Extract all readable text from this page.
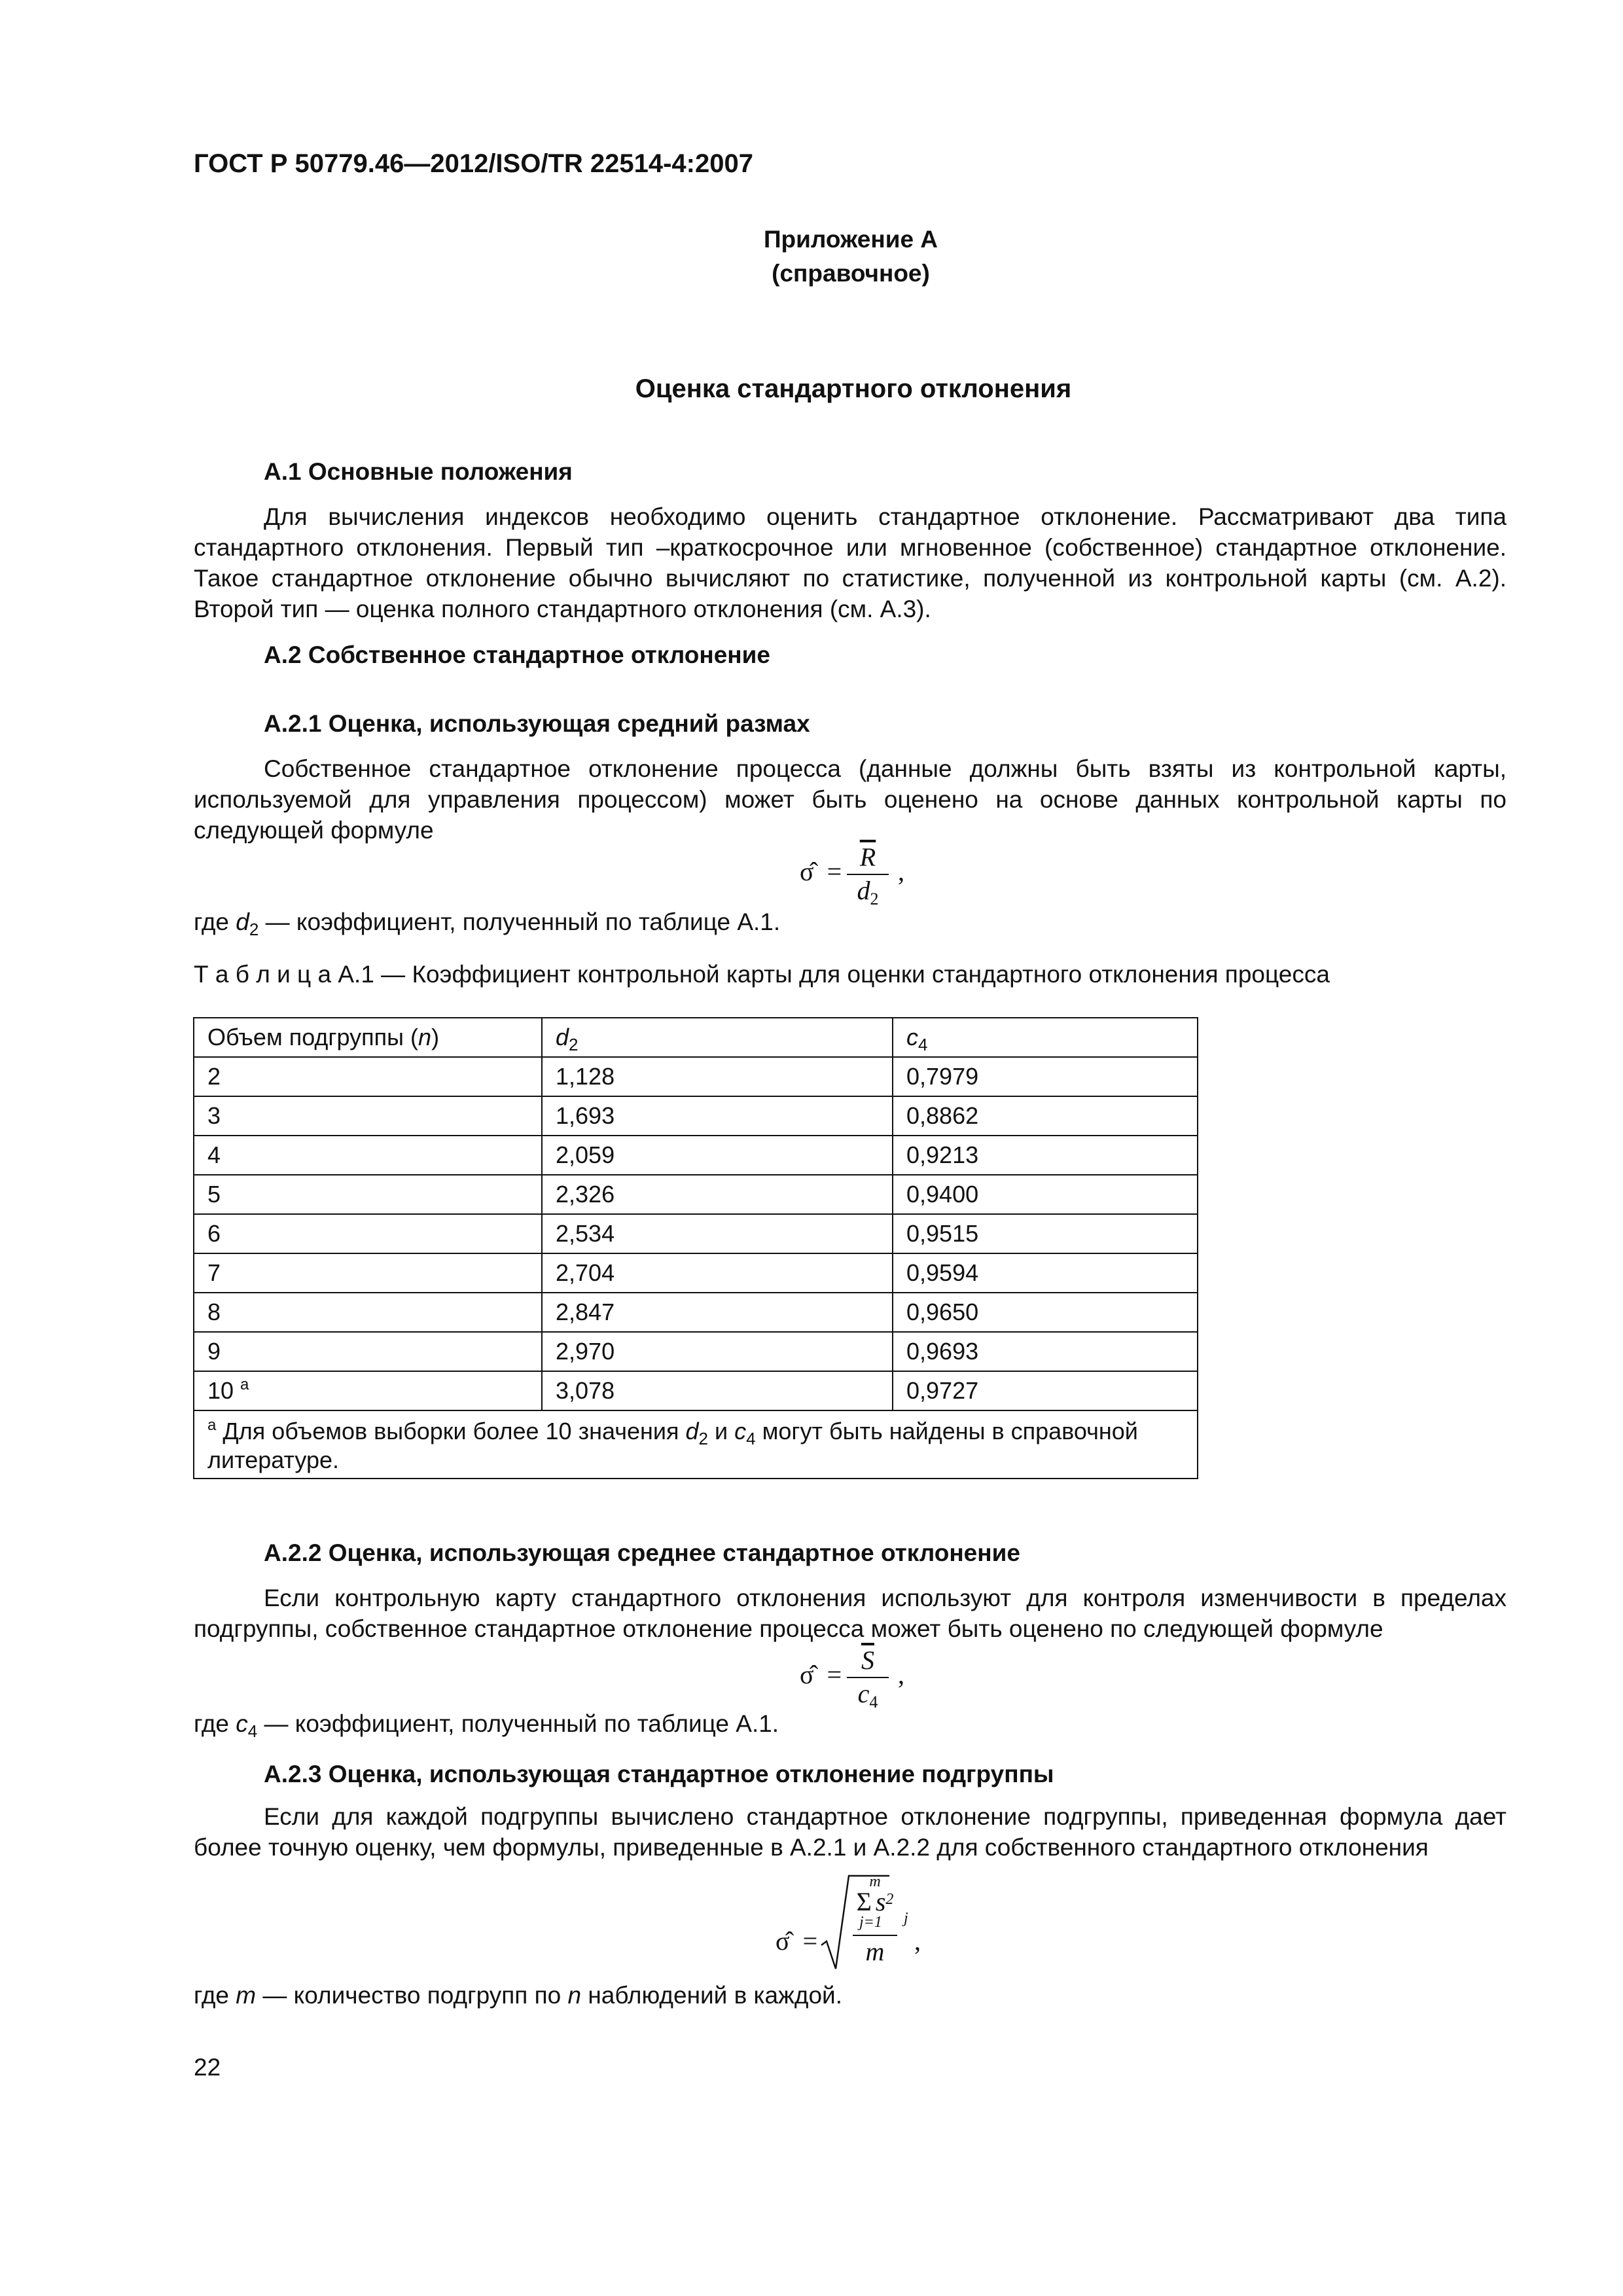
ГОСТ Р 50779.46—2012/ISO/TR 22514-4:2007
Приложение А
(справочное)
Оценка стандартного отклонения
А.1 Основные положения
Для вычисления индексов необходимо оценить стандартное отклонение. Рассматривают два типа стандартного отклонения. Первый тип –краткосрочное или мгновенное (собственное) стандартное отклонение. Такое стандартное отклонение обычно вычисляют по статистике, полученной из контрольной карты (см. А.2). Второй тип — оценка полного стандартного отклонения (см. А.3).
А.2 Собственное стандартное отклонение
А.2.1 Оценка, использующая средний размах
Собственное стандартное отклонение процесса (данные должны быть взяты из контрольной карты, используемой для управления процессом) может быть оценено на основе данных контрольной карты по следующей формуле
σ̂ = $\frac{\overline{R}}{d_2}$ ,
где $d_2$ — коэффициент, полученный по таблице А.1.
Т а б л и ц а А.1 — Коэффициент контрольной карты для оценки стандартного отклонения процесса
Объем подгруппы (n)	$d_2$	$c_4$
2	1,128	0,7979
3	1,693	0,8862
4	2,059	0,9213
5	2,326	0,9400
6	2,534	0,9515
7	2,704	0,9594
8	2,847	0,9650
9	2,970	0,9693
10 $^а$	3,078	0,9727
$^а$ Для объемов выборки более 10 значения $d_2$ и $c_4$ могут быть найдены в справочной литературе.		
А.2.2 Оценка, использующая среднее стандартное отклонение
Если контрольную карту стандартного отклонения используют для контроля изменчивости в пределах подгруппы, собственное стандартное отклонение процесса может быть оценено по следующей формуле
σ̂ = $\frac{\overline{S}}{c_4}$ ,
где $c_4$ — коэффициент, полученный по таблице А.1.
А.2.3 Оценка, использующая стандартное отклонение подгруппы
Если для каждой подгруппы вычислено стандартное отклонение подгруппы, приведенная формула дает более точную оценку, чем формулы, приведенные в А.2.1 и А.2.2 для собственного стандартного отклонения
σ̂ =
m
Σ $s^2$
j=1	j
m	,
где m — количество подгрупп по n наблюдений в каждой.
22
